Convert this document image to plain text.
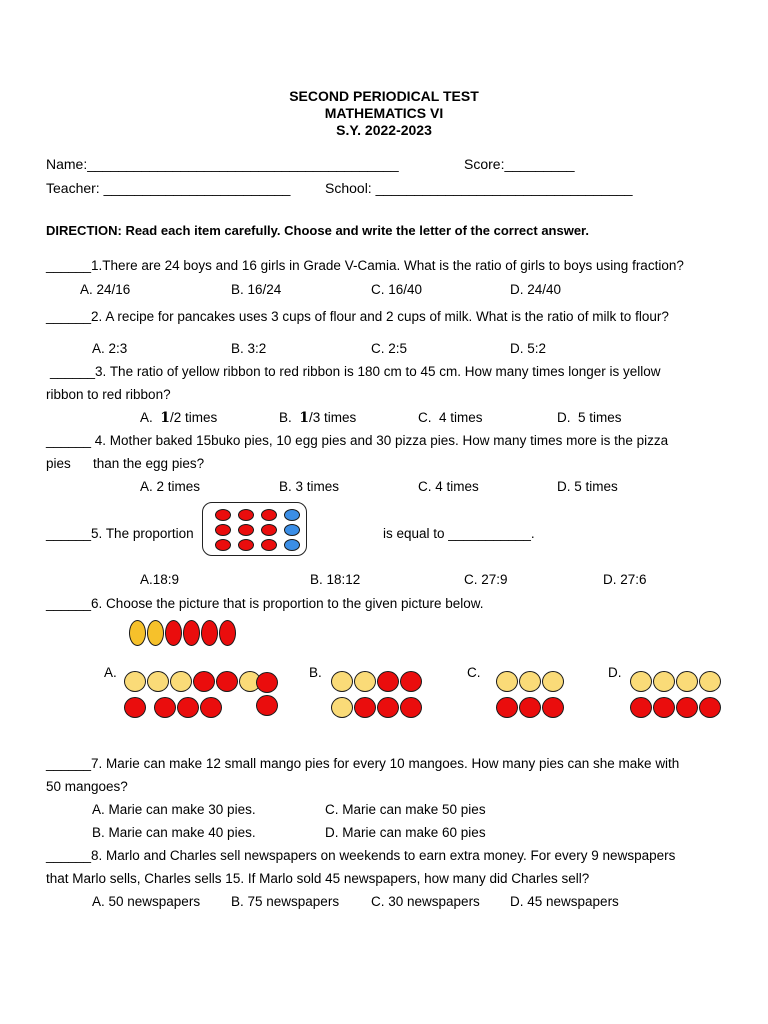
SECOND PERIODICAL TEST
MATHEMATICS VI
S.Y. 2022-2023
Name:________________________________________	Score:_________
Teacher: ________________________ School: _________________________________
DIRECTION: Read each item carefully. Choose and write the letter of the correct answer.
______1.There are 24 boys and 16 girls in Grade V-Camia. What is the ratio of girls to boys using fraction?
A. 24/16	B. 16/24	C. 16/40	D. 24/40
______2. A recipe for pancakes uses 3 cups of flour and 2 cups of milk. What is the ratio of milk to flour?
A. 2:3	B. 3:2	C. 2:5	D. 5:2
______3. The ratio of yellow ribbon to red ribbon is 180 cm to 45 cm. How many times longer is yellow
ribbon to red ribbon?
A. 1/2 times	B. 1/3 times	C. 4 times	D. 5 times
______ 4. Mother baked 15buko pies, 10 egg pies and 30 pizza pies. How many times more is the pizza
pies than the egg pies?
A. 2 times	B. 3 times	C. 4 times	D. 5 times
______5. The proportion	is equal to ___________.
A.18:9	B. 18:12	C. 27:9	D. 27:6
______6. Choose the picture that is proportion to the given picture below.
A.	B.	C.	D.
______7. Marie can make 12 small mango pies for every 10 mangoes. How many pies can she make with
50 mangoes?
A. Marie can make 30 pies.	C. Marie can make 50 pies
B. Marie can make 40 pies.	D. Marie can make 60 pies
______8. Marlo and Charles sell newspapers on weekends to earn extra money. For every 9 newspapers
that Marlo sells, Charles sells 15. If Marlo sold 45 newspapers, how many did Charles sell?
A. 50 newspapers B. 75 newspapers C. 30 newspapers D. 45 newspapers
